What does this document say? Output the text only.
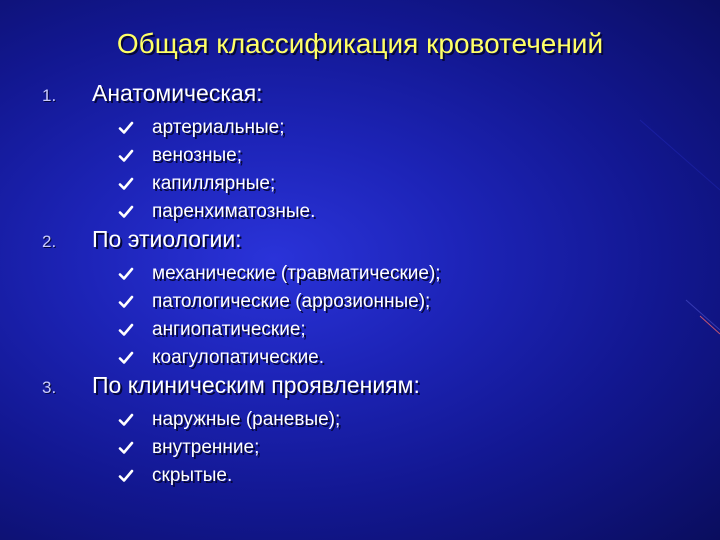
Общая классификация кровотечений
1.	Анатомическая:
артериальные;
венозные;
капиллярные;
паренхиматозные.
2.	По этиологии:
механические (травматические);
патологические (аррозионные);
ангиопатические;
коагулопатические.
3.	По клиническим проявлениям:
наружные (раневые);
внутренние;
скрытые.
